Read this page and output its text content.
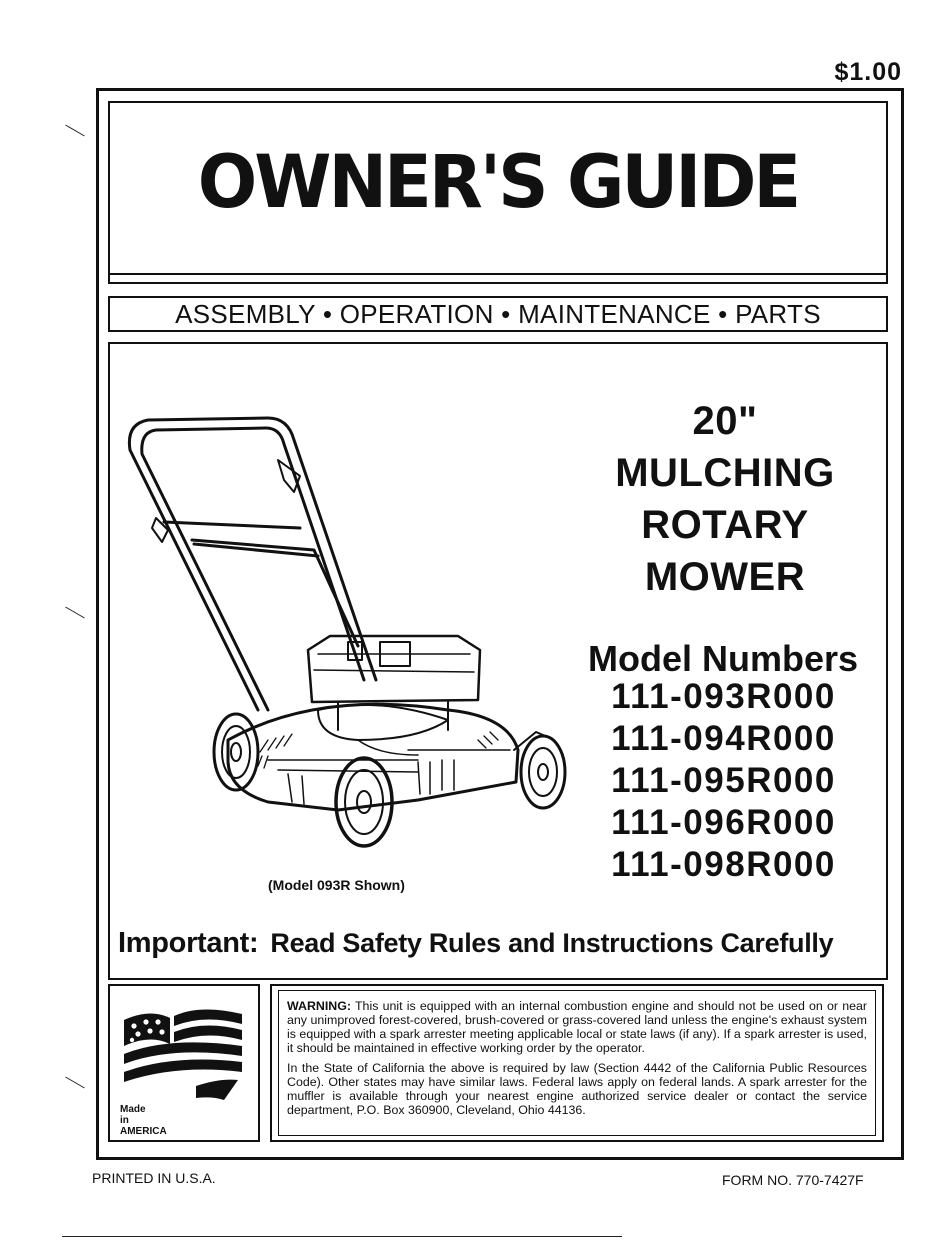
$1.00
OWNER'S GUIDE
ASSEMBLY • OPERATION • MAINTENANCE • PARTS
(Model 093R Shown)
20"
MULCHING
ROTARY
MOWER
Model Numbers
111-093R000
111-094R000
111-095R000
111-096R000
111-098R000
Important: Read Safety Rules and Instructions Carefully
Made
in
AMERICA

WARNING: This unit is equipped with an internal combustion engine and should not be used on or near any unimproved forest-covered, brush-covered or grass-covered land unless the engine's exhaust system is equipped with a spark arrester meeting applicable local or state laws (if any). If a spark arrester is used, it should be maintained in effective working order by the operator.

In the State of California the above is required by law (Section 4442 of the California Public Resources Code). Other states may have similar laws. Federal laws apply on federal lands. A spark arrester for the muffler is available through your nearest engine authorized service dealer or contact the service department, P.O. Box 360900, Cleveland, Ohio 44136.

PRINTED IN U.S.A.	FORM NO. 770-7427F
